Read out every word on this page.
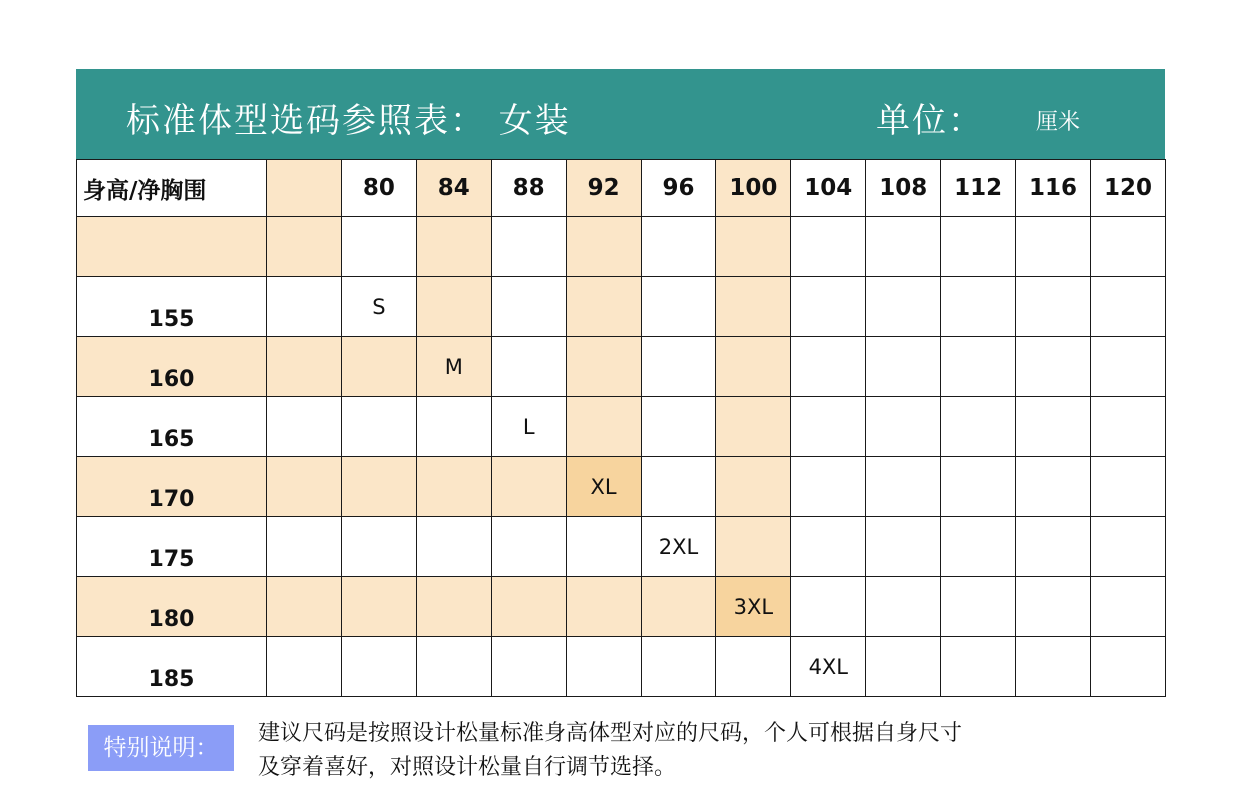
标准体型选码参照表： 女装	单位： 厘米
身高/净胸围		80	84	88	92	96	100	104	108	112	116	120

155		S										
160			M									
165				L								
170					XL							
175						2XL						
180							3XL					
185								4XL				
特别说明：
建议尺码是按照设计松量标准身高体型对应的尺码，个人可根据自身尺寸
及穿着喜好，对照设计松量自行调节选择。
